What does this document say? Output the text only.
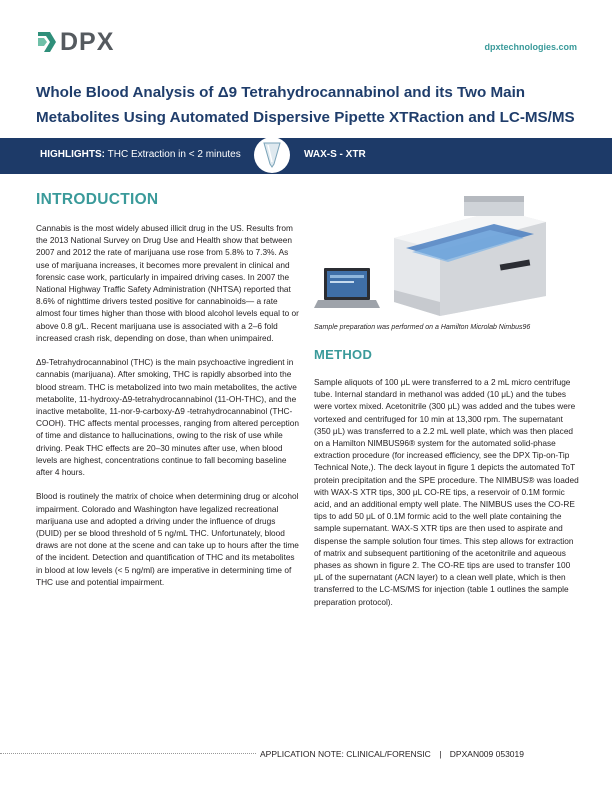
DPX	dpxtechnologies.com
Whole Blood Analysis of Δ9 Tetrahydrocannabinol and its Two Main Metabolites Using Automated Dispersive Pipette XTRaction and LC-MS/MS
HIGHLIGHTS: THC Extraction in < 2 minutes	WAX-S - XTR
INTRODUCTION

Cannabis is the most widely abused illicit drug in the US. Results from the 2013 National Survey on Drug Use and Health show that between 2007 and 2012 the rate of marijuana use rose from 5.8% to 7.3%. As use of marijuana increases, it becomes more prevalent in clinical and forensic case work, particularly in impaired driving cases. In 2007 the National Highway Traffic Safety Administration (NHTSA) reported that 8.6% of nighttime drivers tested positive for cannabinoids— a rate almost four times higher than those with blood alcohol levels equal to or above 0.8 g/L. Recent marijuana use is associated with a 2–6 fold increased crash risk, depending on dose, than when unimpaired.

Δ9-Tetrahydrocannabinol (THC) is the main psychoactive ingredient in cannabis (marijuana). After smoking, THC is rapidly absorbed into the blood stream. THC is metabolized into two main metabolites, the active metabolite, 11-hydroxy-Δ9-tetrahydrocannabinol (11-OH-THC), and the inactive metabolite, 11-nor-9-carboxy-Δ9 -tetrahydrocannabinol (THC-COOH). THC affects mental processes, ranging from altered perception of time and distance to hallucinations, owing to the risk of use while driving. Peak THC effects are 20–30 minutes after use, when blood levels are highest, concentrations continue to fall becoming baseline after 4 hours.

Blood is routinely the matrix of choice when determining drug or alcohol impairment. Colorado and Washington have legalized recreational marijuana use and adopted a driving under the influence of drugs (DUID) per se blood threshold of 5 ng/mL THC. Unfortunately, blood draws are not done at the scene and can take up to hours after the time of the incident. Detection and quantification of THC and its metabolites in blood at low levels (< 5 ng/ml) are imperative in determining time of THC use and potential impairment.

Sample preparation was performed on a Hamilton Microlab Nimbus96
METHOD
Sample aliquots of 100 μL were transferred to a 2 mL micro centrifuge tube. Internal standard in methanol was added (10 μL) and the tubes were vortex mixed. Acetonitrile (300 μL) was added and the tubes were vortexed and centrifuged for 10 min at 13,300 rpm. The supernatant (350 μL) was transferred to a 2.2 mL well plate, which was then placed on a Hamilton NIMBUS96® system for the automated solid-phase extraction procedure (for increased efficiency, see the DPX Tip-on-Tip Technical Note,). The deck layout in figure 1 depicts the automated ToT protein precipitation and the SPE procedure. The NIMBUS® was loaded with WAX-S XTR tips, 300 μL CO-RE tips, a reservoir of 0.1M formic acid, and an additional empty well plate. The NIMBUS uses the CO-RE tips to add 50 μL of 0.1M formic acid to the well plate containing the sample supernatant. WAX-S XTR tips are then used to aspirate and dispense the sample solution four times. This step allows for extraction of matrix and subsequent partitioning of the acetonitrile and aqueous phases as shown in figure 2. The CO-RE tips are used to transfer 100 μL of the supernatant (ACN layer) to a clean well plate, which is then transferred to the LC-MS/MS for injection (table 1 outlines the sample preparation protocol).
APPLICATION NOTE: CLINICAL/FORENSIC | DPXAN009 053019
